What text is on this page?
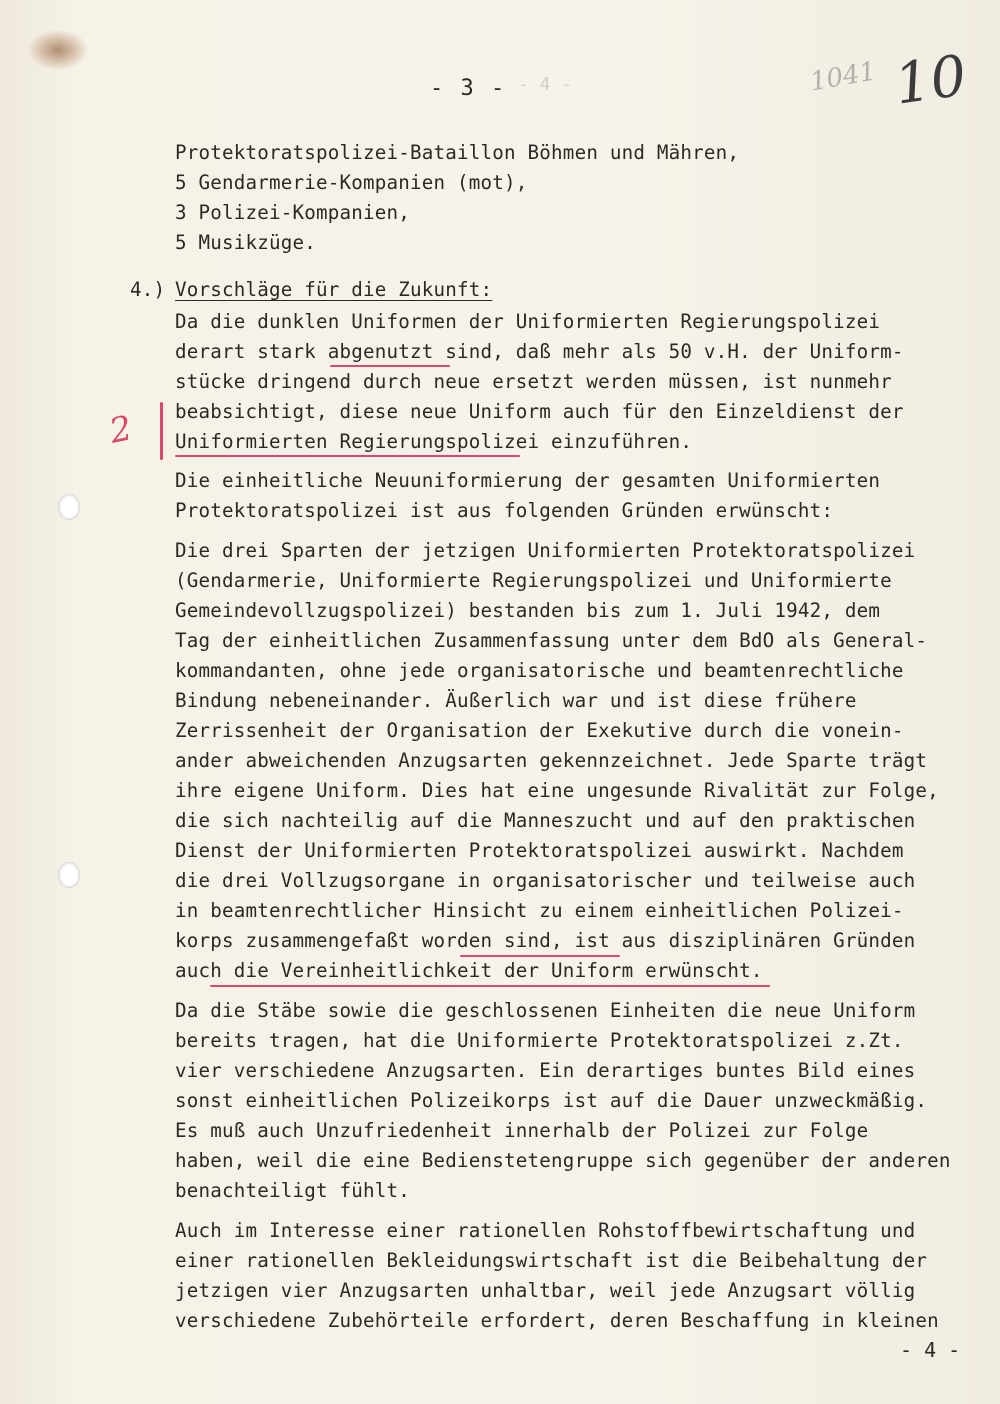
- 3 - - 4 -	1041 10
2
Protektoratspolizei-Bataillon Böhmen und Mähren,
5 Gendarmerie-Kompanien (mot),
3 Polizei-Kompanien,
5 Musikzüge.
4.) Vorschläge für die Zukunft:
Da die dunklen Uniformen der Uniformierten Regierungspolizei
derart stark abgenutzt sind, daß mehr als 50 v.H. der Uniform-
stücke dringend durch neue ersetzt werden müssen, ist nunmehr
beabsichtigt, diese neue Uniform auch für den Einzeldienst der
Uniformierten Regierungspolizei einzuführen.
Die einheitliche Neuuniformierung der gesamten Uniformierten
Protektoratspolizei ist aus folgenden Gründen erwünscht:
Die drei Sparten der jetzigen Uniformierten Protektoratspolizei
(Gendarmerie, Uniformierte Regierungspolizei und Uniformierte
Gemeindevollzugspolizei) bestanden bis zum 1. Juli 1942, dem
Tag der einheitlichen Zusammenfassung unter dem BdO als General-
kommandanten, ohne jede organisatorische und beamtenrechtliche
Bindung nebeneinander. Äußerlich war und ist diese frühere
Zerrissenheit der Organisation der Exekutive durch die vonein-
ander abweichenden Anzugsarten gekennzeichnet. Jede Sparte trägt
ihre eigene Uniform. Dies hat eine ungesunde Rivalität zur Folge,
die sich nachteilig auf die Manneszucht und auf den praktischen
Dienst der Uniformierten Protektoratspolizei auswirkt. Nachdem
die drei Vollzugsorgane in organisatorischer und teilweise auch
in beamtenrechtlicher Hinsicht zu einem einheitlichen Polizei-
korps zusammengefaßt worden sind, ist aus disziplinären Gründen
auch die Vereinheitlichkeit der Uniform erwünscht.
Da die Stäbe sowie die geschlossenen Einheiten die neue Uniform
bereits tragen, hat die Uniformierte Protektoratspolizei z.Zt.
vier verschiedene Anzugsarten. Ein derartiges buntes Bild eines
sonst einheitlichen Polizeikorps ist auf die Dauer unzweckmäßig.
Es muß auch Unzufriedenheit innerhalb der Polizei zur Folge
haben, weil die eine Bedienstetengruppe sich gegenüber der anderen
benachteiligt fühlt.
Auch im Interesse einer rationellen Rohstoffbewirtschaftung und
einer rationellen Bekleidungswirtschaft ist die Beibehaltung der
jetzigen vier Anzugsarten unhaltbar, weil jede Anzugsart völlig
verschiedene Zubehörteile erfordert, deren Beschaffung in kleinen
- 4 -
